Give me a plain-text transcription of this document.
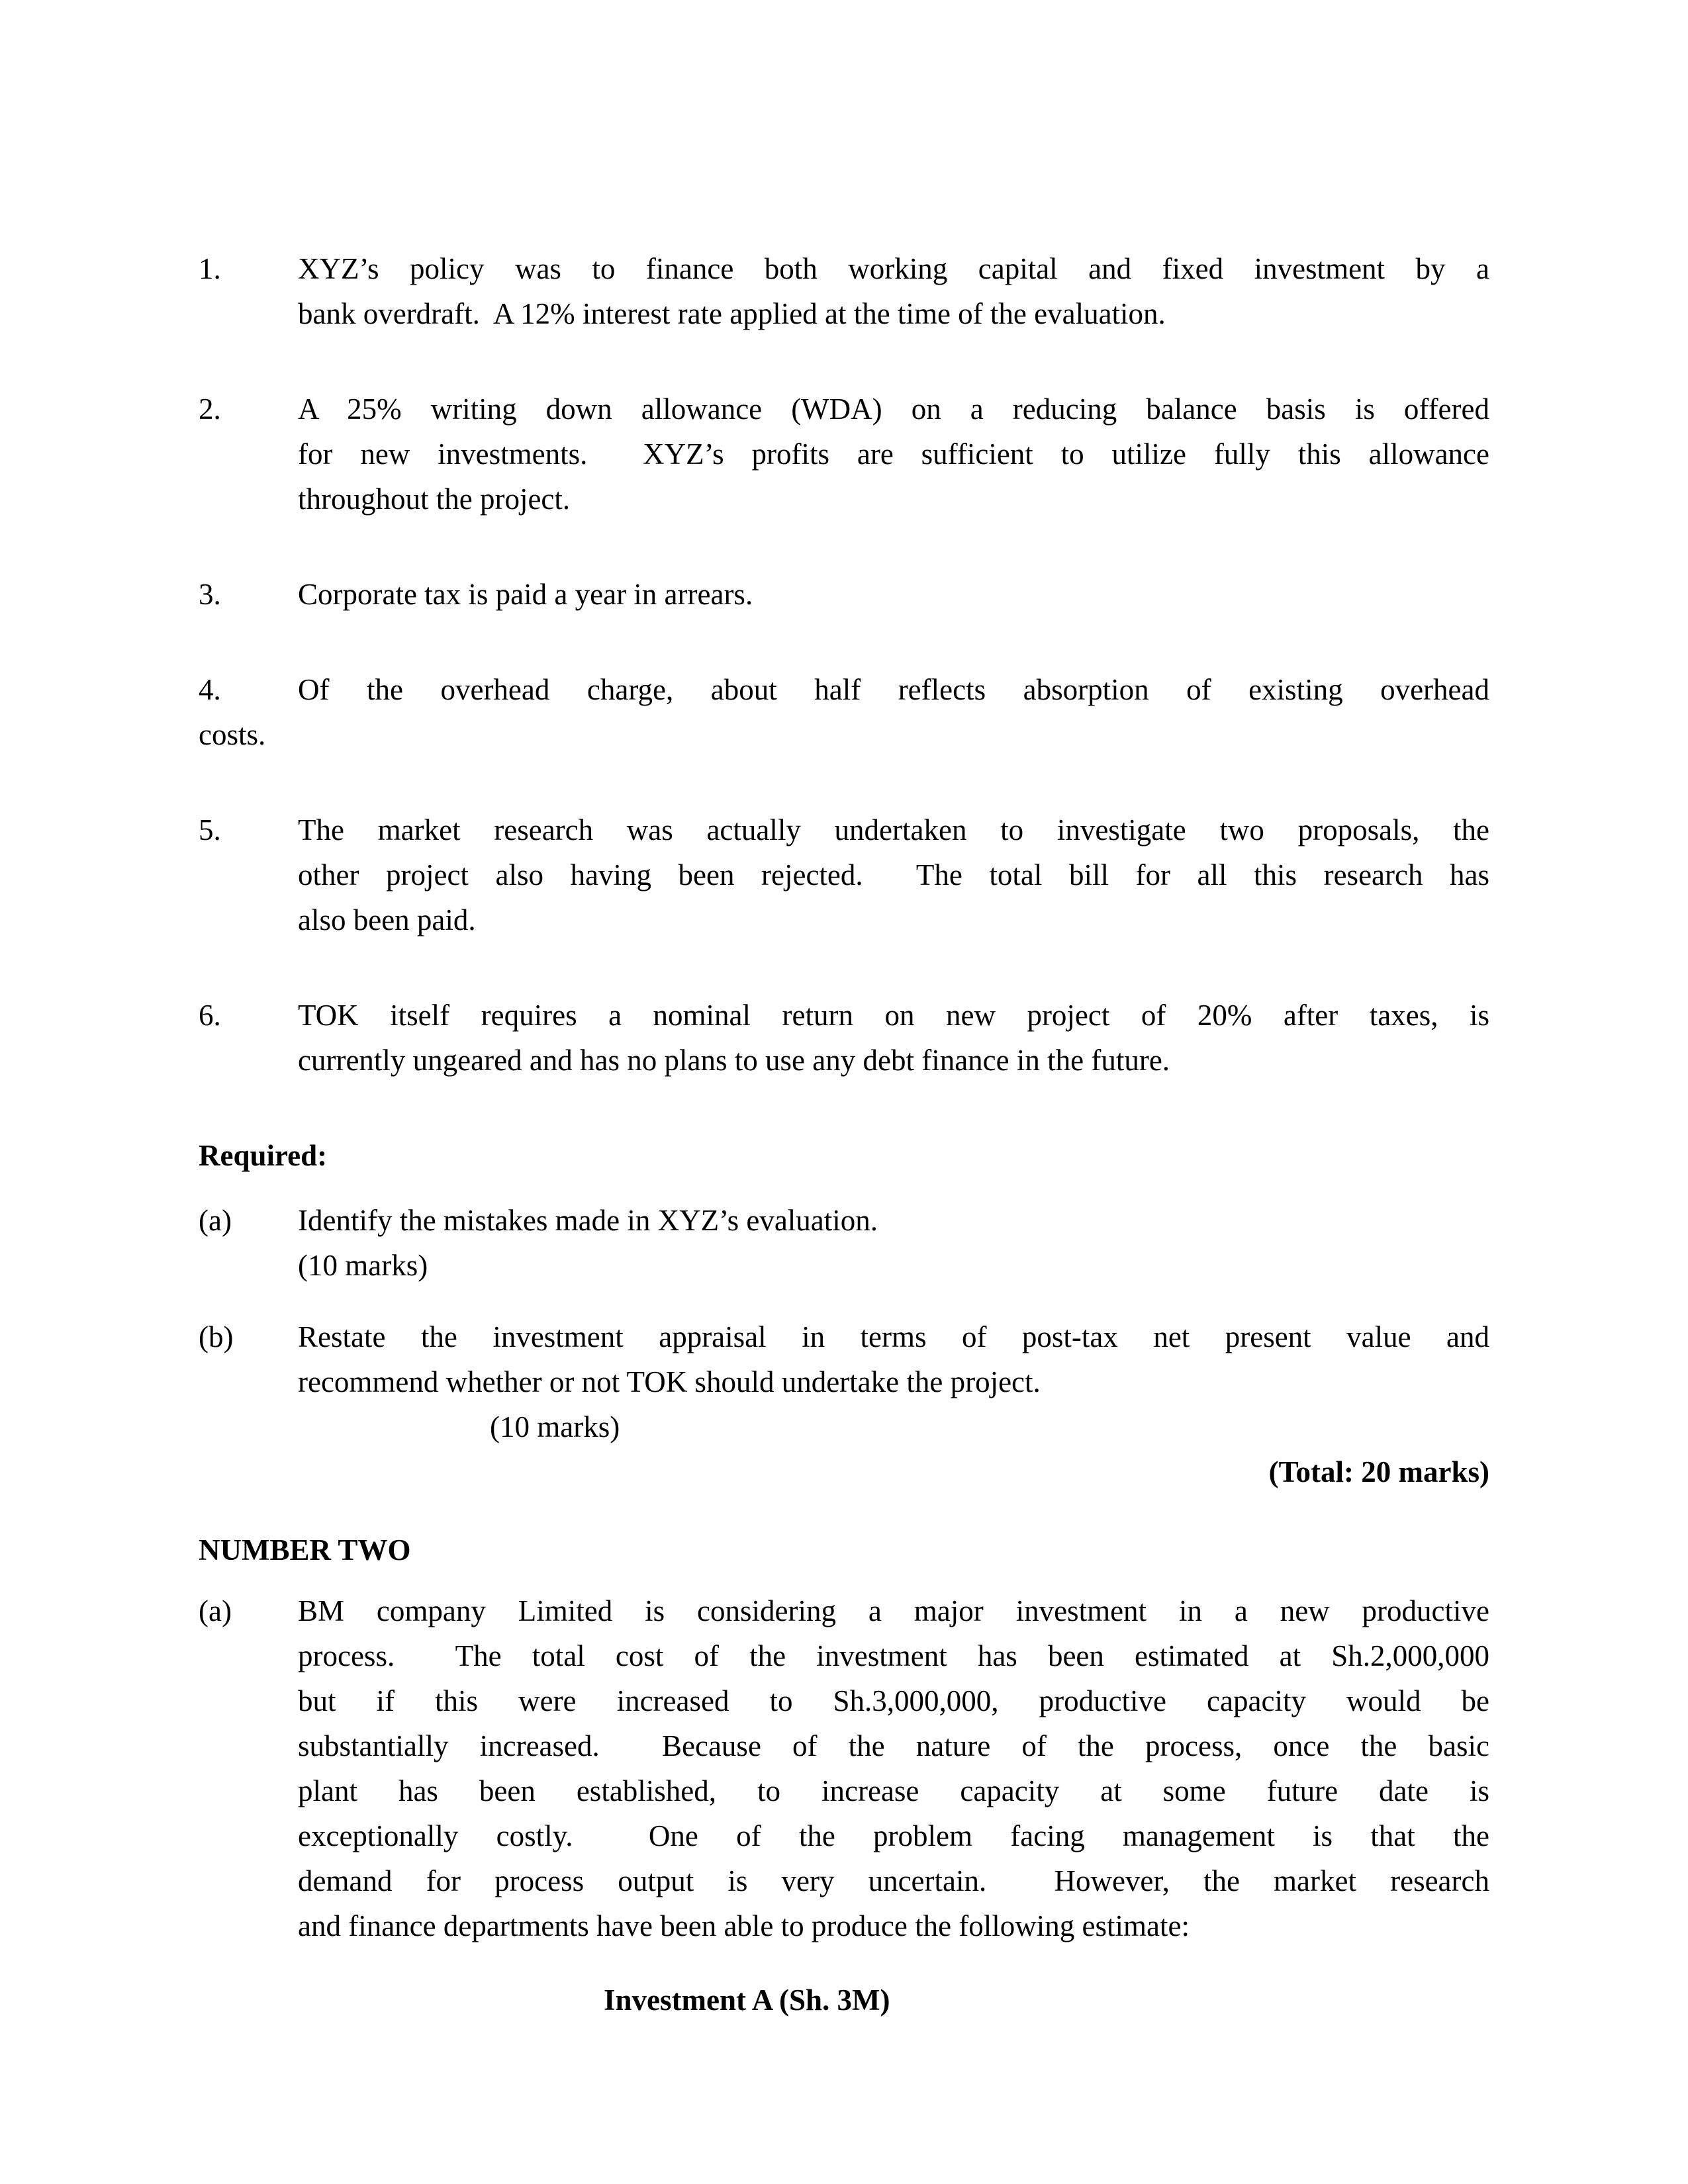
1.	XYZ’s policy was to finance both working capital and fixed investment by a
bank overdraft.  A 12% interest rate applied at the time of the evaluation.
2.	A 25% writing down allowance (WDA) on a reducing balance basis is offered
for new investments.  XYZ’s profits are sufficient to utilize fully this allowance
throughout the project.
3.	Corporate tax is paid a year in arrears.
4.	Of the overhead charge, about half reflects absorption of existing overhead
costs.
5.	The market research was actually undertaken to investigate two proposals, the
other project also having been rejected.  The total bill for all this research has
also been paid.
6.	TOK itself requires a nominal return on new project of 20% after taxes, is
currently ungeared and has no plans to use any debt finance in the future.
Required:
(a)	Identify the mistakes made in XYZ’s evaluation.
(10 marks)
(b)	Restate the investment appraisal in terms of post-tax net present value and
recommend whether or not TOK should undertake the project.
(10 marks)
(Total: 20 marks)
NUMBER TWO
(a)	BM company Limited is considering a major investment in a new productive
process.  The total cost of the investment has been estimated at Sh.2,000,000
but if this were increased to Sh.3,000,000, productive capacity would be
substantially increased.  Because of the nature of the process, once the basic
plant has been established, to increase capacity at some future date is
exceptionally costly.  One of the problem facing management is that the
demand for process output is very uncertain.  However, the market research
and finance departments have been able to produce the following estimate:
Investment A (Sh. 3M)
